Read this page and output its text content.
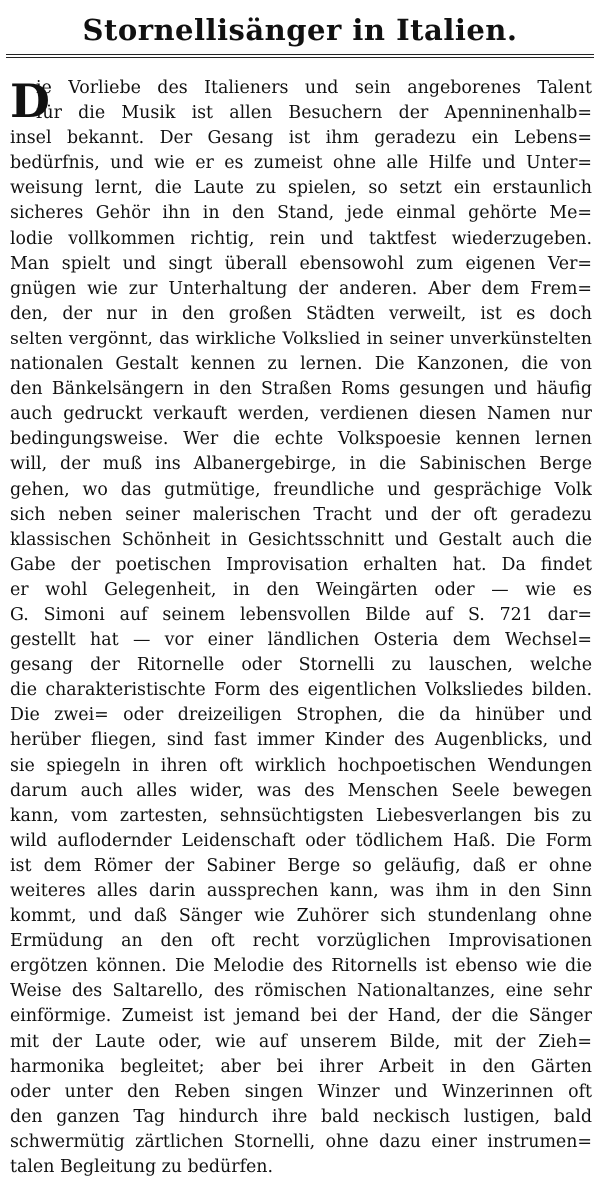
Stornellisänger in Italien.
D
ie Vorliebe des Italieners und sein angeborenes Talent
für die Musik ist allen Besuchern der Apenninenhalb=
insel bekannt. Der Gesang ist ihm geradezu ein Lebens=
bedürfnis, und wie er es zumeist ohne alle Hilfe und Unter=
weisung lernt, die Laute zu spielen, so setzt ein erstaunlich
sicheres Gehör ihn in den Stand, jede einmal gehörte Me=
lodie vollkommen richtig, rein und taktfest wiederzugeben.
Man spielt und singt überall ebensowohl zum eigenen Ver=
gnügen wie zur Unterhaltung der anderen. Aber dem Frem=
den, der nur in den großen Städten verweilt, ist es doch
selten vergönnt, das wirkliche Volkslied in seiner unverkünstelten
nationalen Gestalt kennen zu lernen. Die Kanzonen, die von
den Bänkelsängern in den Straßen Roms gesungen und häufig
auch gedruckt verkauft werden, verdienen diesen Namen nur
bedingungsweise. Wer die echte Volkspoesie kennen lernen
will, der muß ins Albanergebirge, in die Sabinischen Berge
gehen, wo das gutmütige, freundliche und gesprächige Volk
sich neben seiner malerischen Tracht und der oft geradezu
klassischen Schönheit in Gesichtsschnitt und Gestalt auch die
Gabe der poetischen Improvisation erhalten hat. Da findet
er wohl Gelegenheit, in den Weingärten oder — wie es
G. Simoni auf seinem lebensvollen Bilde auf S. 721 dar=
gestellt hat — vor einer ländlichen Osteria dem Wechsel=
gesang der Ritornelle oder Stornelli zu lauschen, welche
die charakteristischte Form des eigentlichen Volksliedes bilden.
Die zwei= oder dreizeiligen Strophen, die da hinüber und
herüber fliegen, sind fast immer Kinder des Augenblicks, und
sie spiegeln in ihren oft wirklich hochpoetischen Wendungen
darum auch alles wider, was des Menschen Seele bewegen
kann, vom zartesten, sehnsüchtigsten Liebesverlangen bis zu
wild auflodernder Leidenschaft oder tödlichem Haß. Die Form
ist dem Römer der Sabiner Berge so geläufig, daß er ohne
weiteres alles darin aussprechen kann, was ihm in den Sinn
kommt, und daß Sänger wie Zuhörer sich stundenlang ohne
Ermüdung an den oft recht vorzüglichen Improvisationen
ergötzen können. Die Melodie des Ritornells ist ebenso wie die
Weise des Saltarello, des römischen Nationaltanzes, eine sehr
einförmige. Zumeist ist jemand bei der Hand, der die Sänger
mit der Laute oder, wie auf unserem Bilde, mit der Zieh=
harmonika begleitet; aber bei ihrer Arbeit in den Gärten
oder unter den Reben singen Winzer und Winzerinnen oft
den ganzen Tag hindurch ihre bald neckisch lustigen, bald
schwermütig zärtlichen Stornelli, ohne dazu einer instrumen=
talen Begleitung zu bedürfen.
